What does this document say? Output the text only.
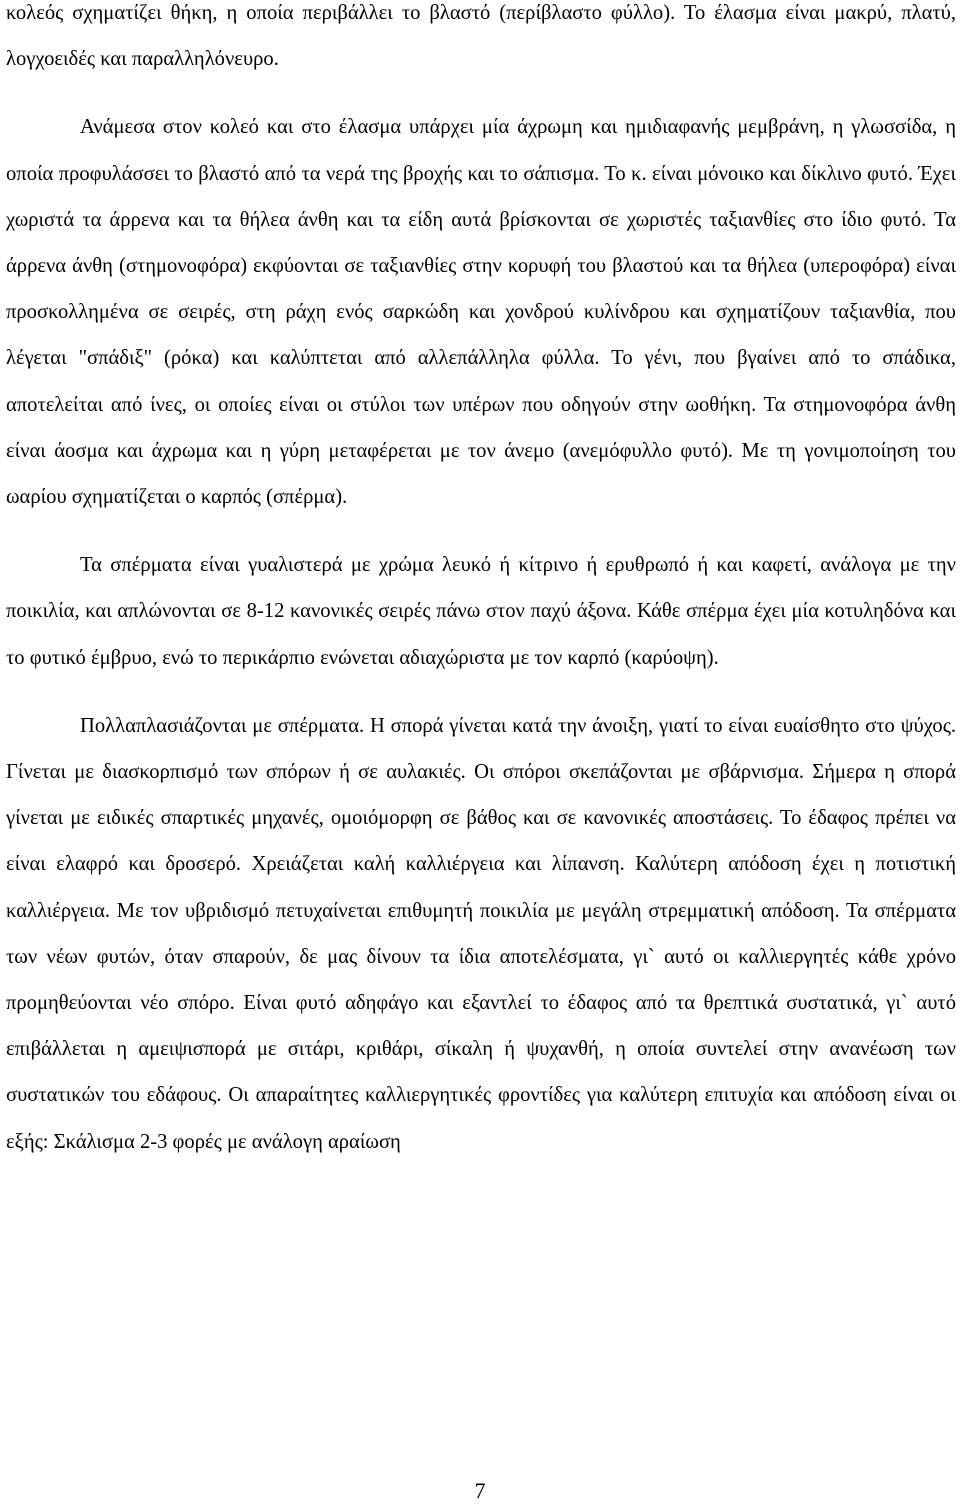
κολεός σχηματίζει θήκη, η οποία περιβάλλει το βλαστό (περίβλαστο φύλλο). Το έλασμα είναι μακρύ, πλατύ, λογχοειδές και παραλληλόνευρο.

Ανάμεσα στον κολεό και στο έλασμα υπάρχει μία άχρωμη και ημιδιαφανής μεμβράνη, η γλωσσίδα, η οποία προφυλάσσει το βλαστό από τα νερά της βροχής και το σάπισμα. Το κ. είναι μόνοικο και δίκλινο φυτό. Έχει χωριστά τα άρρενα και τα θήλεα άνθη και τα είδη αυτά βρίσκονται σε χωριστές ταξιανθίες στο ίδιο φυτό. Τα άρρενα άνθη (στημονοφόρα) εκφύονται σε ταξιανθίες στην κορυφή του βλαστού και τα θήλεα (υπεροφόρα) είναι προσκολλημένα σε σειρές, στη ράχη ενός σαρκώδη και χονδρού κυλίνδρου και σχηματίζουν ταξιανθία, που λέγεται "σπάδιξ" (ρόκα) και καλύπτεται από αλλεπάλληλα φύλλα. Το γένι, που βγαίνει από το σπάδικα, αποτελείται από ίνες, οι οποίες είναι οι στύλοι των υπέρων που οδηγούν στην ωοθήκη. Τα στημονοφόρα άνθη είναι άοσμα και άχρωμα και η γύρη μεταφέρεται με τον άνεμο (ανεμόφυλλο φυτό). Με τη γονιμοποίηση του ωαρίου σχηματίζεται ο καρπός (σπέρμα).

Τα σπέρματα είναι γυαλιστερά με χρώμα λευκό ή κίτρινο ή ερυθρωπό ή και καφετί, ανάλογα με την ποικιλία, και απλώνονται σε 8-12 κανονικές σειρές πάνω στον παχύ άξονα. Κάθε σπέρμα έχει μία κοτυληδόνα και το φυτικό έμβρυο, ενώ το περικάρπιο ενώνεται αδιαχώριστα με τον καρπό (καρύοψη).

Πολλαπλασιάζονται με σπέρματα. Η σπορά γίνεται κατά την άνοιξη, γιατί το είναι ευαίσθητο στο ψύχος. Γίνεται με διασκορπισμό των σπόρων ή σε αυλακιές. Οι σπόροι σκεπάζονται με σβάρνισμα. Σήμερα η σπορά γίνεται με ειδικές σπαρτικές μηχανές, ομοιόμορφη σε βάθος και σε κανονικές αποστάσεις. Το έδαφος πρέπει να είναι ελαφρό και δροσερό. Χρειάζεται καλή καλλιέργεια και λίπανση. Καλύτερη απόδοση έχει η ποτιστική καλλιέργεια. Με τον υβριδισμό πετυχαίνεται επιθυμητή ποικιλία με μεγάλη στρεμματική απόδοση. Τα σπέρματα των νέων φυτών, όταν σπαρούν, δε μας δίνουν τα ίδια αποτελέσματα, γι` αυτό οι καλλιεργητές κάθε χρόνο προμηθεύονται νέο σπόρο. Είναι φυτό αδηφάγο και εξαντλεί το έδαφος από τα θρεπτικά συστατικά, γι` αυτό επιβάλλεται η αμειψισπορά με σιτάρι, κριθάρι, σίκαλη ή ψυχανθή, η οποία συντελεί στην ανανέωση των συστατικών του εδάφους. Οι απαραίτητες καλλιεργητικές φροντίδες για καλύτερη επιτυχία και απόδοση είναι οι εξής: Σκάλισμα 2-3 φορές με ανάλογη αραίωση

7
